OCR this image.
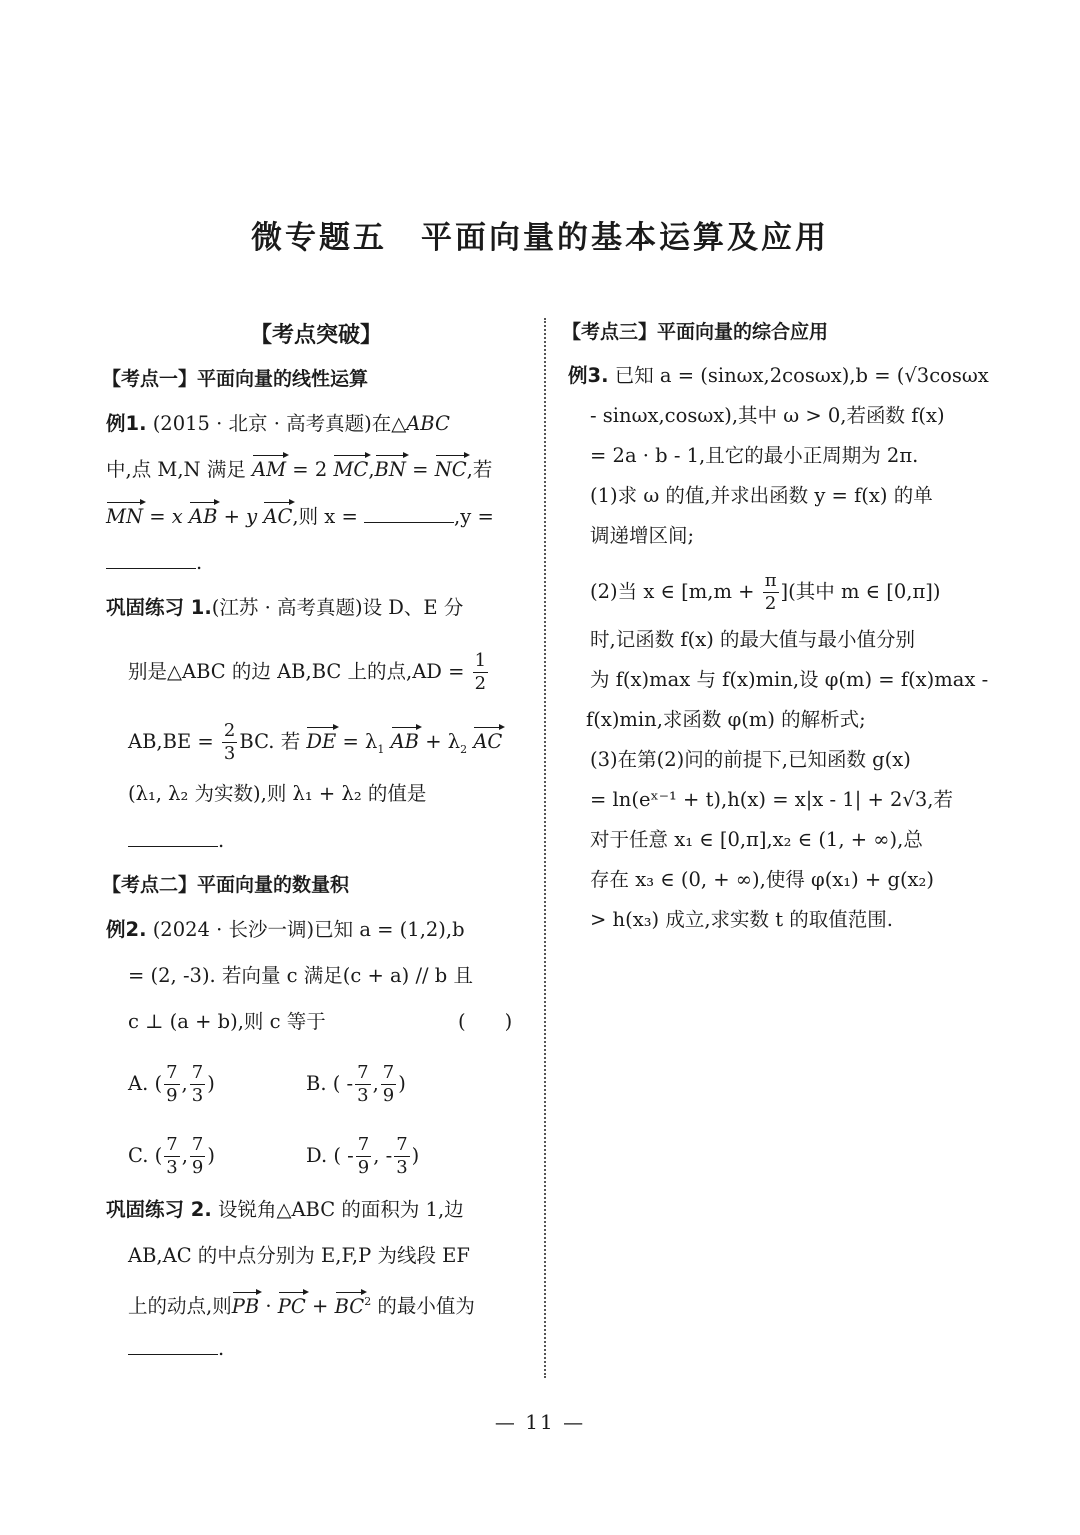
微专题五　平面向量的基本运算及应用
【考点突破】
【考点一】平面向量的线性运算
例1. (2015 · 北京 · 高考真题)在△ABC
中,点 M,N 满足 AM = 2 MC,BN = NC,若
MN = x AB + y AC,则 x =	,y =
.
巩固练习 1.(江苏 · 高考真题)设 D、E 分
别是△ABC 的边 AB,BC 上的点$,AD = \frac{1}{2}$
$AB,BE = \frac{2}{3}$ BC. 若 DE = $\lambda_1$ AB + $\lambda_2$ AC
(λ₁, λ₂ 为实数),则 λ₁ + λ₂ 的值是
.
【考点二】平面向量的数量积
例2. (2024 · 长沙一调)已知 a = (1,2),b
= (2, -3). 若向量 c 满足(c + a) // b 且
c ⊥ (a + b),则 c 等于	(　　)
A. ( $\frac{7}{9}$ , $\frac{7}{3}$ )	B. ( - $\frac{7}{3}$ , $\frac{7}{9}$ )
C. ( $\frac{7}{3}$ , $\frac{7}{9}$ )	D. ( - $\frac{7}{9}$ , - $\frac{7}{3}$ )
巩固练习 2. 设锐角△ABC 的面积为 1,边
AB,AC 的中点分别为 E,F,P 为线段 EF
上的动点,则PB · PC + $BC^2$ 的最小值为
.
【考点三】平面向量的综合应用
例3. 已知 a = (sinωx,2cosωx),b = (√3cosωx
- sinωx,cosωx),其中 ω > 0,若函数 f(x)
= 2a · b - 1,且它的最小正周期为 2π.
(1)求 ω 的值,并求出函数 y = f(x) 的单
调递增区间;
(2)当 x ∈ [$m,m + \frac{\pi}{2}$ ](其中 m ∈ [0,π])
时,记函数 f(x) 的最大值与最小值分别
为 f(x)max 与 f(x)min,设 φ(m) = f(x)max -
f(x)min,求函数 φ(m) 的解析式;
(3)在第(2)问的前提下,已知函数 g(x)
= ln(eˣ⁻¹ + t),h(x) = x|x - 1| + 2√3,若
对于任意 x₁ ∈ [0,π],x₂ ∈ (1, + ∞),总
存在 x₃ ∈ (0, + ∞),使得 φ(x₁) + g(x₂)
> h(x₃) 成立,求实数 t 的取值范围.
— 11 —
